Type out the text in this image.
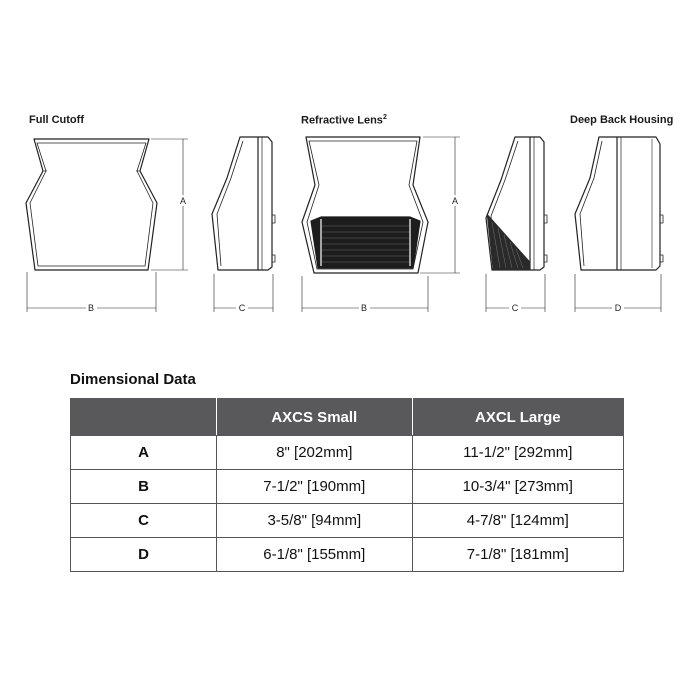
Full Cutoff	Refractive Lens$^2$	Deep Back Housing
A
B	C
A
B	C	D
Dimensional Data
	AXCS Small	AXCL Large
A	8" [202mm]	11-1/2" [292mm]
B	7-1/2" [190mm]	10-3/4" [273mm]
C	3-5/8" [94mm]	4-7/8" [124mm]
D	6-1/8" [155mm]	7-1/8" [181mm]
